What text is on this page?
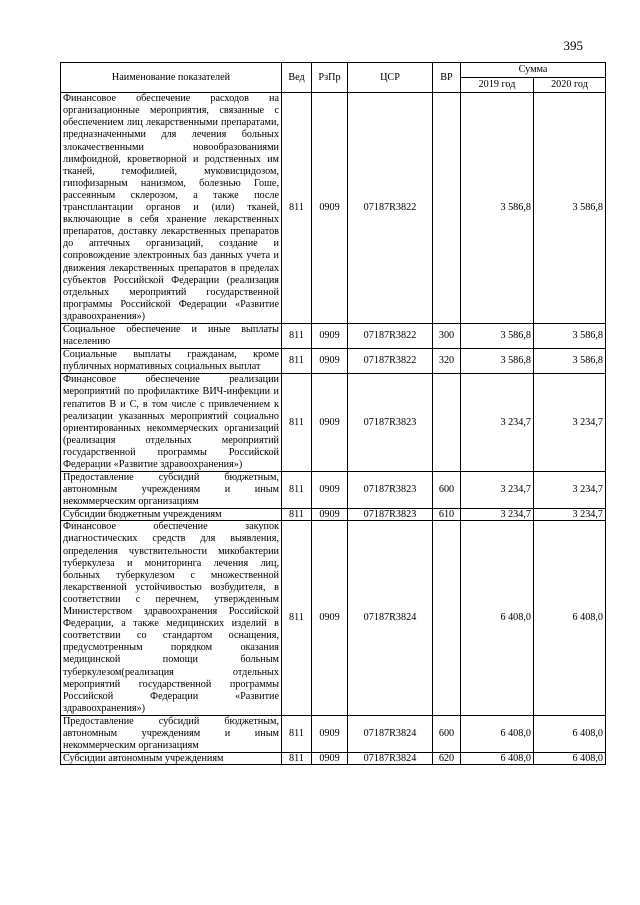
395
Наименование показателей	Вед	РзПр	ЦСР	ВР	Сумма	
					2019 год	2020 год
Финансовое обеспечение расходов на организационные мероприятия, связанные с обеспечением лиц лекарственными препаратами, предназначенными для лечения больных злокачественными новообразованиями лимфоидной, кроветворной и родственных им тканей, гемофилией, муковисцидозом, гипофизарным нанизмом, болезнью Гоше, рассеянным склерозом, а также после трансплантации органов и (или) тканей, включающие в себя хранение лекарственных препаратов, доставку лекарственных препаратов до аптечных организаций, создание и сопровождение электронных баз данных учета и движения лекарственных препаратов в пределах субъектов Российской Федерации (реализация отдельных мероприятий государственной программы Российской Федерации «Развитие здравоохранения»)	811	0909	07187R3822		3 586,8	3 586,8
Социальное обеспечение и иные выплаты населению	811	0909	07187R3822	300	3 586,8	3 586,8
Социальные выплаты гражданам, кроме публичных нормативных социальных выплат	811	0909	07187R3822	320	3 586,8	3 586,8
Финансовое обеспечение реализации мероприятий по профилактике ВИЧ-инфекции и гепатитов B и C, в том числе с привлечением к реализации указанных мероприятий социально ориентированных некоммерческих организаций (реализация отдельных мероприятий государственной программы Российской Федерации «Развитие здравоохранения»)	811	0909	07187R3823		3 234,7	3 234,7
Предоставление субсидий бюджетным, автономным учреждениям и иным некоммерческим организациям	811	0909	07187R3823	600	3 234,7	3 234,7
Субсидии бюджетным учреждениям	811	0909	07187R3823	610	3 234,7	3 234,7
Финансовое обеспечение закупок диагностических средств для выявления, определения чувствительности микобактерии туберкулеза и мониторинга лечения лиц, больных туберкулезом с множественной лекарственной устойчивостью возбудителя, в соответствии с перечнем, утвержденным Министерством здравоохранения Российской Федерации, а также медицинских изделий в соответствии со стандартом оснащения, предусмотренным порядком оказания медицинской помощи больным туберкулезом(реализация отдельных мероприятий государственной программы Российской Федерации «Развитие здравоохранения»)	811	0909	07187R3824		6 408,0	6 408,0
Предоставление субсидий бюджетным, автономным учреждениям и иным некоммерческим организациям	811	0909	07187R3824	600	6 408,0	6 408,0
Субсидии автономным учреждениям	811	0909	07187R3824	620	6 408,0	6 408,0
